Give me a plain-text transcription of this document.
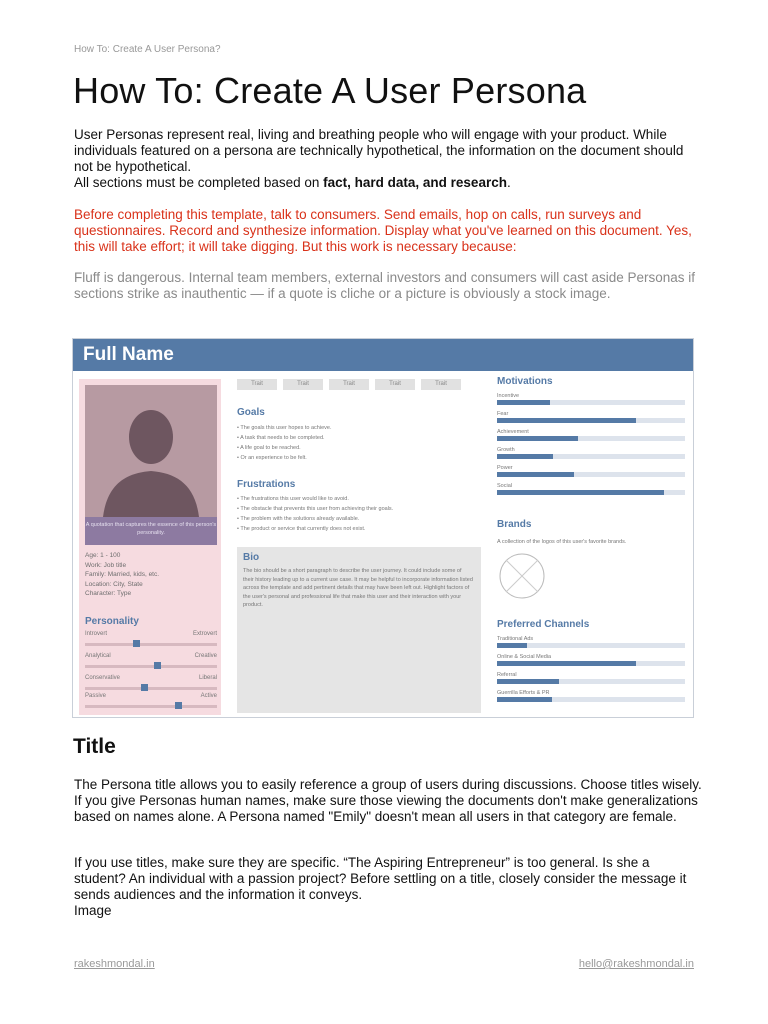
How To: Create A User Persona?
How To: Create A User Persona

User Personas represent real, living and breathing people who will engage with your product. While individuals featured on a persona are technically hypothetical, the information on the document should not be hypothetical.

All sections must be completed based on fact, hard data, and research.

Before completing this template, talk to consumers. Send emails, hop on calls, run surveys and questionnaires. Record and synthesize information. Display what you've learned on this document. Yes, this will take effort; it will take digging. But this work is necessary because:
Fluff is dangerous. Internal team members, external investors and consumers will cast aside Personas if sections strike as inauthentic — if a quote is cliche or a picture is obviously a stock image.
Full Name
A quotation that captures the essence of this person's personality.
Age: 1 - 100
Work: Job title
Family: Married, kids, etc.
Location: City, State
Character: Type
Personality
Introvert	Extrovert
Analytical	Creative
Conservative	Liberal
Passive	Active
Trait	Trait	Trait	Trait	Trait
Goals
• The goals this user hopes to achieve.
• A task that needs to be completed.
• A life goal to be reached.
• Or an experience to be felt.
Frustrations
• The frustrations this user would like to avoid.
• The obstacle that prevents this user from achieving their goals.
• The problem with the solutions already available.
• The product or service that currently does not exist.
Bio
The bio should be a short paragraph to describe the user journey. It could include some of their history leading up to a current use case. It may be helpful to incorporate information listed across the template and add pertinent details that may have been left out. Highlight factors of the user's personal and professional life that make this user and their interaction with your product.
Motivations
Incentive
Fear
Achievement
Growth
Power
Social
Brands
A collection of the logos of this user's favorite brands.
Preferred Channels
Traditional Ads
Online & Social Media
Referral
Guerrilla Efforts & PR
Title
The Persona title allows you to easily reference a group of users during discussions. Choose titles wisely. If you give Personas human names, make sure those viewing the documents don't make generalizations based on names alone. A Persona named "Emily" doesn't mean all users in that category are female.
If you use titles, make sure they are specific. “The Aspiring Entrepreneur” is too general. Is she a student? An individual with a passion project? Before settling on a title, closely consider the message it sends audiences and the information it conveys.
Image
rakeshmondal.in	hello@rakeshmondal.in
